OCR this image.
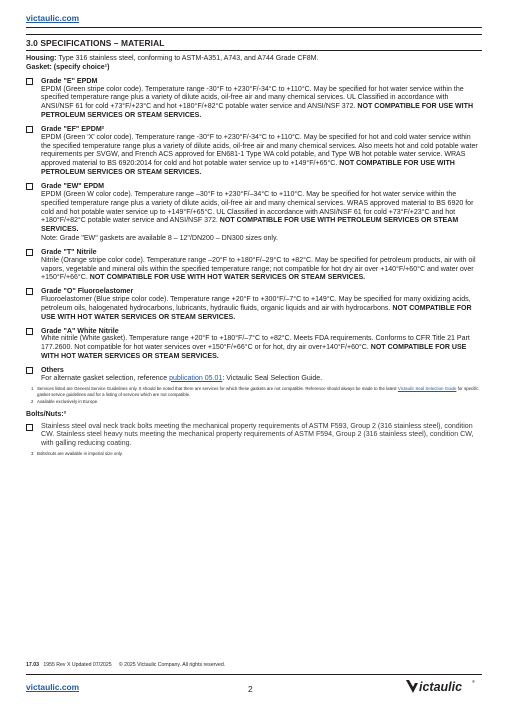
victaulic.com
3.0 SPECIFICATIONS – MATERIAL

Housing: Type 316 stainless steel, conforming to ASTM-A351, A743, and A744 Grade CF8M.

Gasket: (specify choice¹)

Grade "E" EPDM

EPDM (Green stripe color code). Temperature range -30°F to +230°F/-34°C to +110°C. May be specified for hot water service within the specified temperature range plus a variety of dilute acids, oil-free air and many chemical services. UL Classified in accordance with ANSI/NSF 61 for cold +73°F/+23°C and hot +180°F/+82°C potable water service and ANSI/NSF 372. NOT COMPATIBLE FOR USE WITH PETROLEUM SERVICES OR STEAM SERVICES.

Grade "EF" EPDM²

EPDM (Green 'X' color code). Temperature range -30°F to +230°F/-34°C to +110°C. May be specified for hot and cold water service within the specified temperature range plus a variety of dilute acids, oil-free air and many chemical services. Also meets hot and cold potable water requirements per SVGW, and French ACS approved for EN681-1 Type WA cold potable, and Type WB hot potable water service. WRAS approved material to BS 6920:2014 for cold and hot potable water service up to +149°F/+65°C. NOT COMPATIBLE FOR USE WITH PETROLEUM SERVICES OR STEAM SERVICES.

Grade "EW" EPDM

EPDM (Green W color code). Temperature range –30°F to +230°F/–34°C to +110°C. May be specified for hot water service within the specified temperature range plus a variety of dilute acids, oil-free air and many chemical services. WRAS approved material to BS 6920 for cold and hot potable water service up to +149°F/+65°C. UL Classified in accordance with ANSI/NSF 61 for cold +73°F/+23°C and hot +180°F/+82°C potable water service and ANSI/NSF 372. NOT COMPATIBLE FOR USE WITH PETROLEUM SERVICES OR STEAM SERVICES.

Note: Grade "EW" gaskets are available 8 – 12"/DN200 – DN300 sizes only.

Grade "T" Nitrile

Nitrile (Orange stripe color code). Temperature range –20°F to +180°F/–29°C to +82°C. May be specified for petroleum products, air with oil vapors, vegetable and mineral oils within the specified temperature range; not compatible for hot dry air over +140°F/+60°C and water over +150°F/+66°C. NOT COMPATIBLE FOR USE WITH HOT WATER SERVICES OR STEAM SERVICES.

Grade "O" Fluoroelastomer

Fluoroelastomer (Blue stripe color code). Temperature range +20°F to +300°F/–7°C to +149°C. May be specified for many oxidizing acids, petroleum oils, halogenated hydrocarbons, lubricants, hydraulic fluids, organic liquids and air with hydrocarbons. NOT COMPATIBLE FOR USE WITH HOT WATER SERVICES OR STEAM SERVICES.

Grade "A" White Nitrile

White nitrile (White gasket). Temperature range +20°F to +180°F/–7°C to +82°C. Meets FDA requirements. Conforms to CFR Title 21 Part 177.2600. Not compatible for hot water services over +150°F/+66°C or for hot, dry air over+140°F/+60°C. NOT COMPATIBLE FOR USE WITH HOT WATER SERVICES OR STEAM SERVICES.

Others

For alternate gasket selection, reference publication 05.01: Victaulic Seal Selection Guide.

1 Services listed are General Service Guidelines only. It should be noted that there are services for which these gaskets are not compatible. Reference should always be made to the latest Victaulic Seal Selection Guide for specific gasket service guidelines and for a listing of services which are not compatible.
2 Available exclusively in Europe.

Bolts/Nuts:³

Stainless steel oval neck track bolts meeting the mechanical property requirements of ASTM F593, Group 2 (316 stainless steel), condition CW. Stainless steel heavy nuts meeting the mechanical property requirements of ASTM F594, Group 2 (316 stainless steel), condition CW, with galling reducing coating.

3 Bolts/nuts are available in imperial size only.
17.03 1955 Rev X Updated 07/2025 © 2025 Victaulic Company. All rights reserved.
victaulic.com	2	ictaulic ®
